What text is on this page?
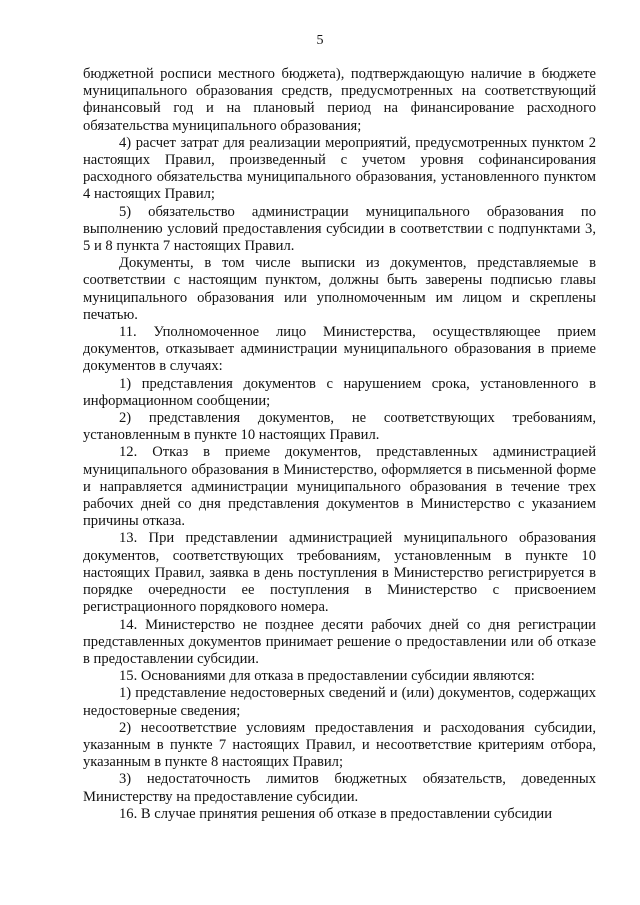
5

бюджетной росписи местного бюджета), подтверждающую наличие в бюджете муниципального образования средств, предусмотренных на соответствующий финансовый год и на плановый период на финансирование расходного обязательства муниципального образования;

4) расчет затрат для реализации мероприятий, предусмотренных пунктом 2 настоящих Правил, произведенный с учетом уровня софинансирования расходного обязательства муниципального образования, установленного пунктом 4 настоящих Правил;

5) обязательство администрации муниципального образования по выполнению условий предоставления субсидии в соответствии с подпунктами 3, 5 и 8 пункта 7 настоящих Правил.

Документы, в том числе выписки из документов, представляемые в соответствии с настоящим пунктом, должны быть заверены подписью главы муниципального образования или уполномоченным им лицом и скреплены печатью.

11. Уполномоченное лицо Министерства, осуществляющее прием документов, отказывает администрации муниципального образования в приеме документов в случаях:

1) представления документов с нарушением срока, установленного в информационном сообщении;

2) представления документов, не соответствующих требованиям, установленным в пункте 10 настоящих Правил.

12. Отказ в приеме документов, представленных администрацией муниципального образования в Министерство, оформляется в письменной форме и направляется администрации муниципального образования в течение трех рабочих дней со дня представления документов в Министерство с указанием причины отказа.

13. При представлении администрацией муниципального образования документов, соответствующих требованиям, установленным в пункте 10 настоящих Правил, заявка в день поступления в Министерство регистрируется в порядке очередности ее поступления в Министерство с присвоением регистрационного порядкового номера.

14. Министерство не позднее десяти рабочих дней со дня регистрации представленных документов принимает решение о предоставлении или об отказе в предоставлении субсидии.

15. Основаниями для отказа в предоставлении субсидии являются:

1) представление недостоверных сведений и (или) документов, содержащих недостоверные сведения;

2) несоответствие условиям предоставления и расходования субсидии, указанным в пункте 7 настоящих Правил, и несоответствие критериям отбора, указанным в пункте 8 настоящих Правил;

3) недостаточность лимитов бюджетных обязательств, доведенных Министерству на предоставление субсидии.

16. В случае принятия решения об отказе в предоставлении субсидии
